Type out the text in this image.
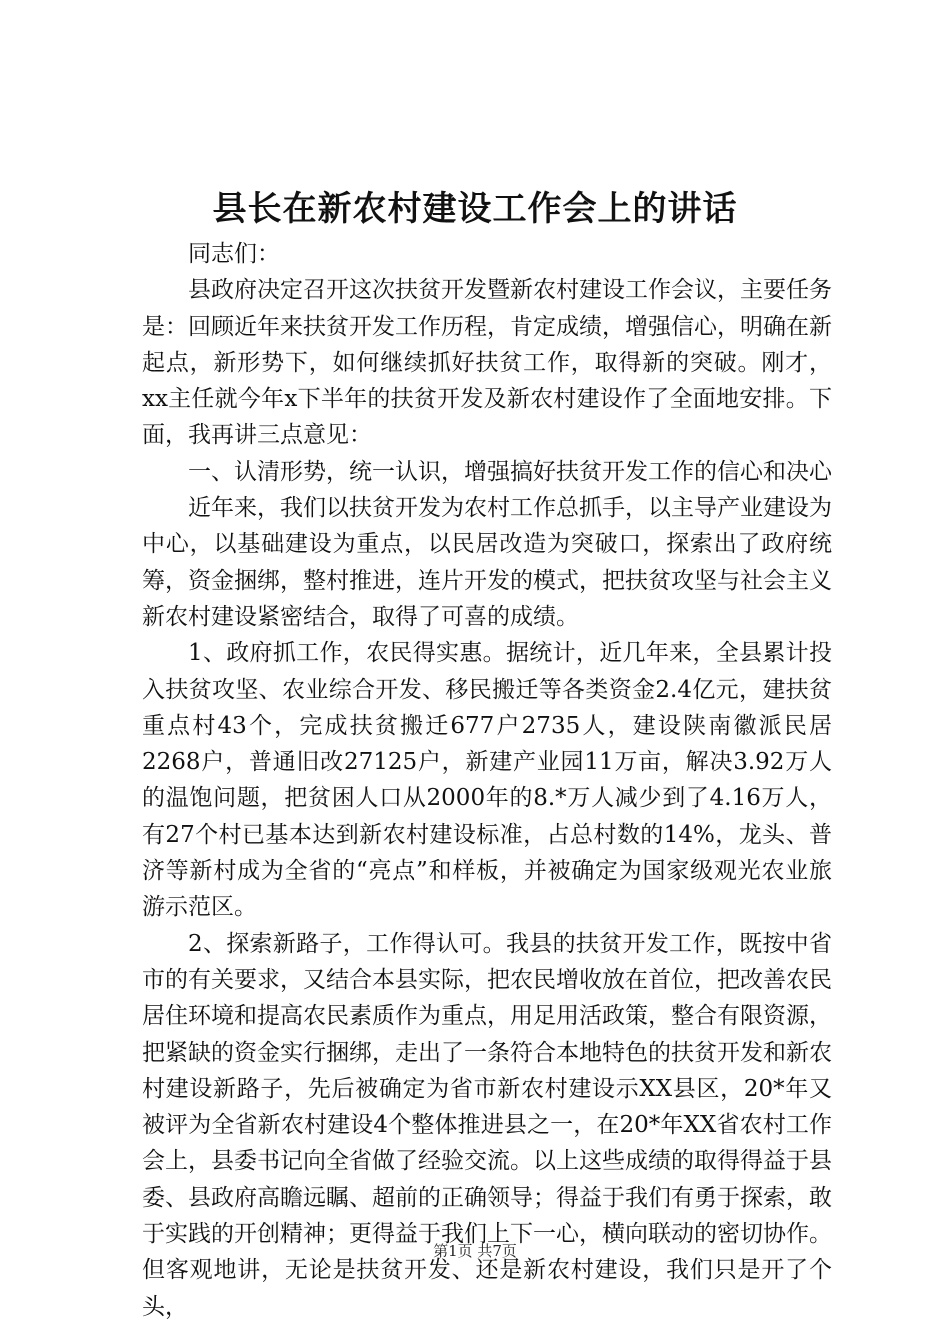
县长在新农村建设工作会上的讲话

同志们：

县政府决定召开这次扶贫开发暨新农村建设工作会议，主要任务是：回顾近年来扶贫开发工作历程，肯定成绩，增强信心，明确在新起点，新形势下，如何继续抓好扶贫工作，取得新的突破。刚才，xx主任就今年x下半年的扶贫开发及新农村建设作了全面地安排。下面，我再讲三点意见：

一、认清形势，统一认识，增强搞好扶贫开发工作的信心和决心

近年来，我们以扶贫开发为农村工作总抓手，以主导产业建设为中心，以基础建设为重点，以民居改造为突破口，探索出了政府统筹，资金捆绑，整村推进，连片开发的模式，把扶贫攻坚与社会主义新农村建设紧密结合，取得了可喜的成绩。

1、政府抓工作，农民得实惠。据统计，近几年来，全县累计投入扶贫攻坚、农业综合开发、移民搬迁等各类资金2.4亿元，建扶贫重点村43个，完成扶贫搬迁677户2735人，建设陕南徽派民居2268户，普通旧改27125户，新建产业园11万亩，解决3.92万人的温饱问题，把贫困人口从2000年的8.*万人减少到了4.16万人，有27个村已基本达到新农村建设标准，占总村数的14%，龙头、普济等新村成为全省的“亮点”和样板，并被确定为国家级观光农业旅游示范区。

2、探索新路子，工作得认可。我县的扶贫开发工作，既按中省市的有关要求，又结合本县实际，把农民增收放在首位，把改善农民居住环境和提高农民素质作为重点，用足用活政策，整合有限资源，把紧缺的资金实行捆绑，走出了一条符合本地特色的扶贫开发和新农村建设新路子，先后被确定为省市新农村建设示XX县区，20*年又被评为全省新农村建设4个整体推进县之一，在20*年XX省农村工作会上，县委书记向全省做了经验交流。以上这些成绩的取得得益于县委、县政府高瞻远瞩、超前的正确领导；得益于我们有勇于探索，敢于实践的开创精神；更得益于我们上下一心，横向联动的密切协作。但客观地讲，无论是扶贫开发、还是新农村建设，我们只是开了个头，

第1页 共7页
